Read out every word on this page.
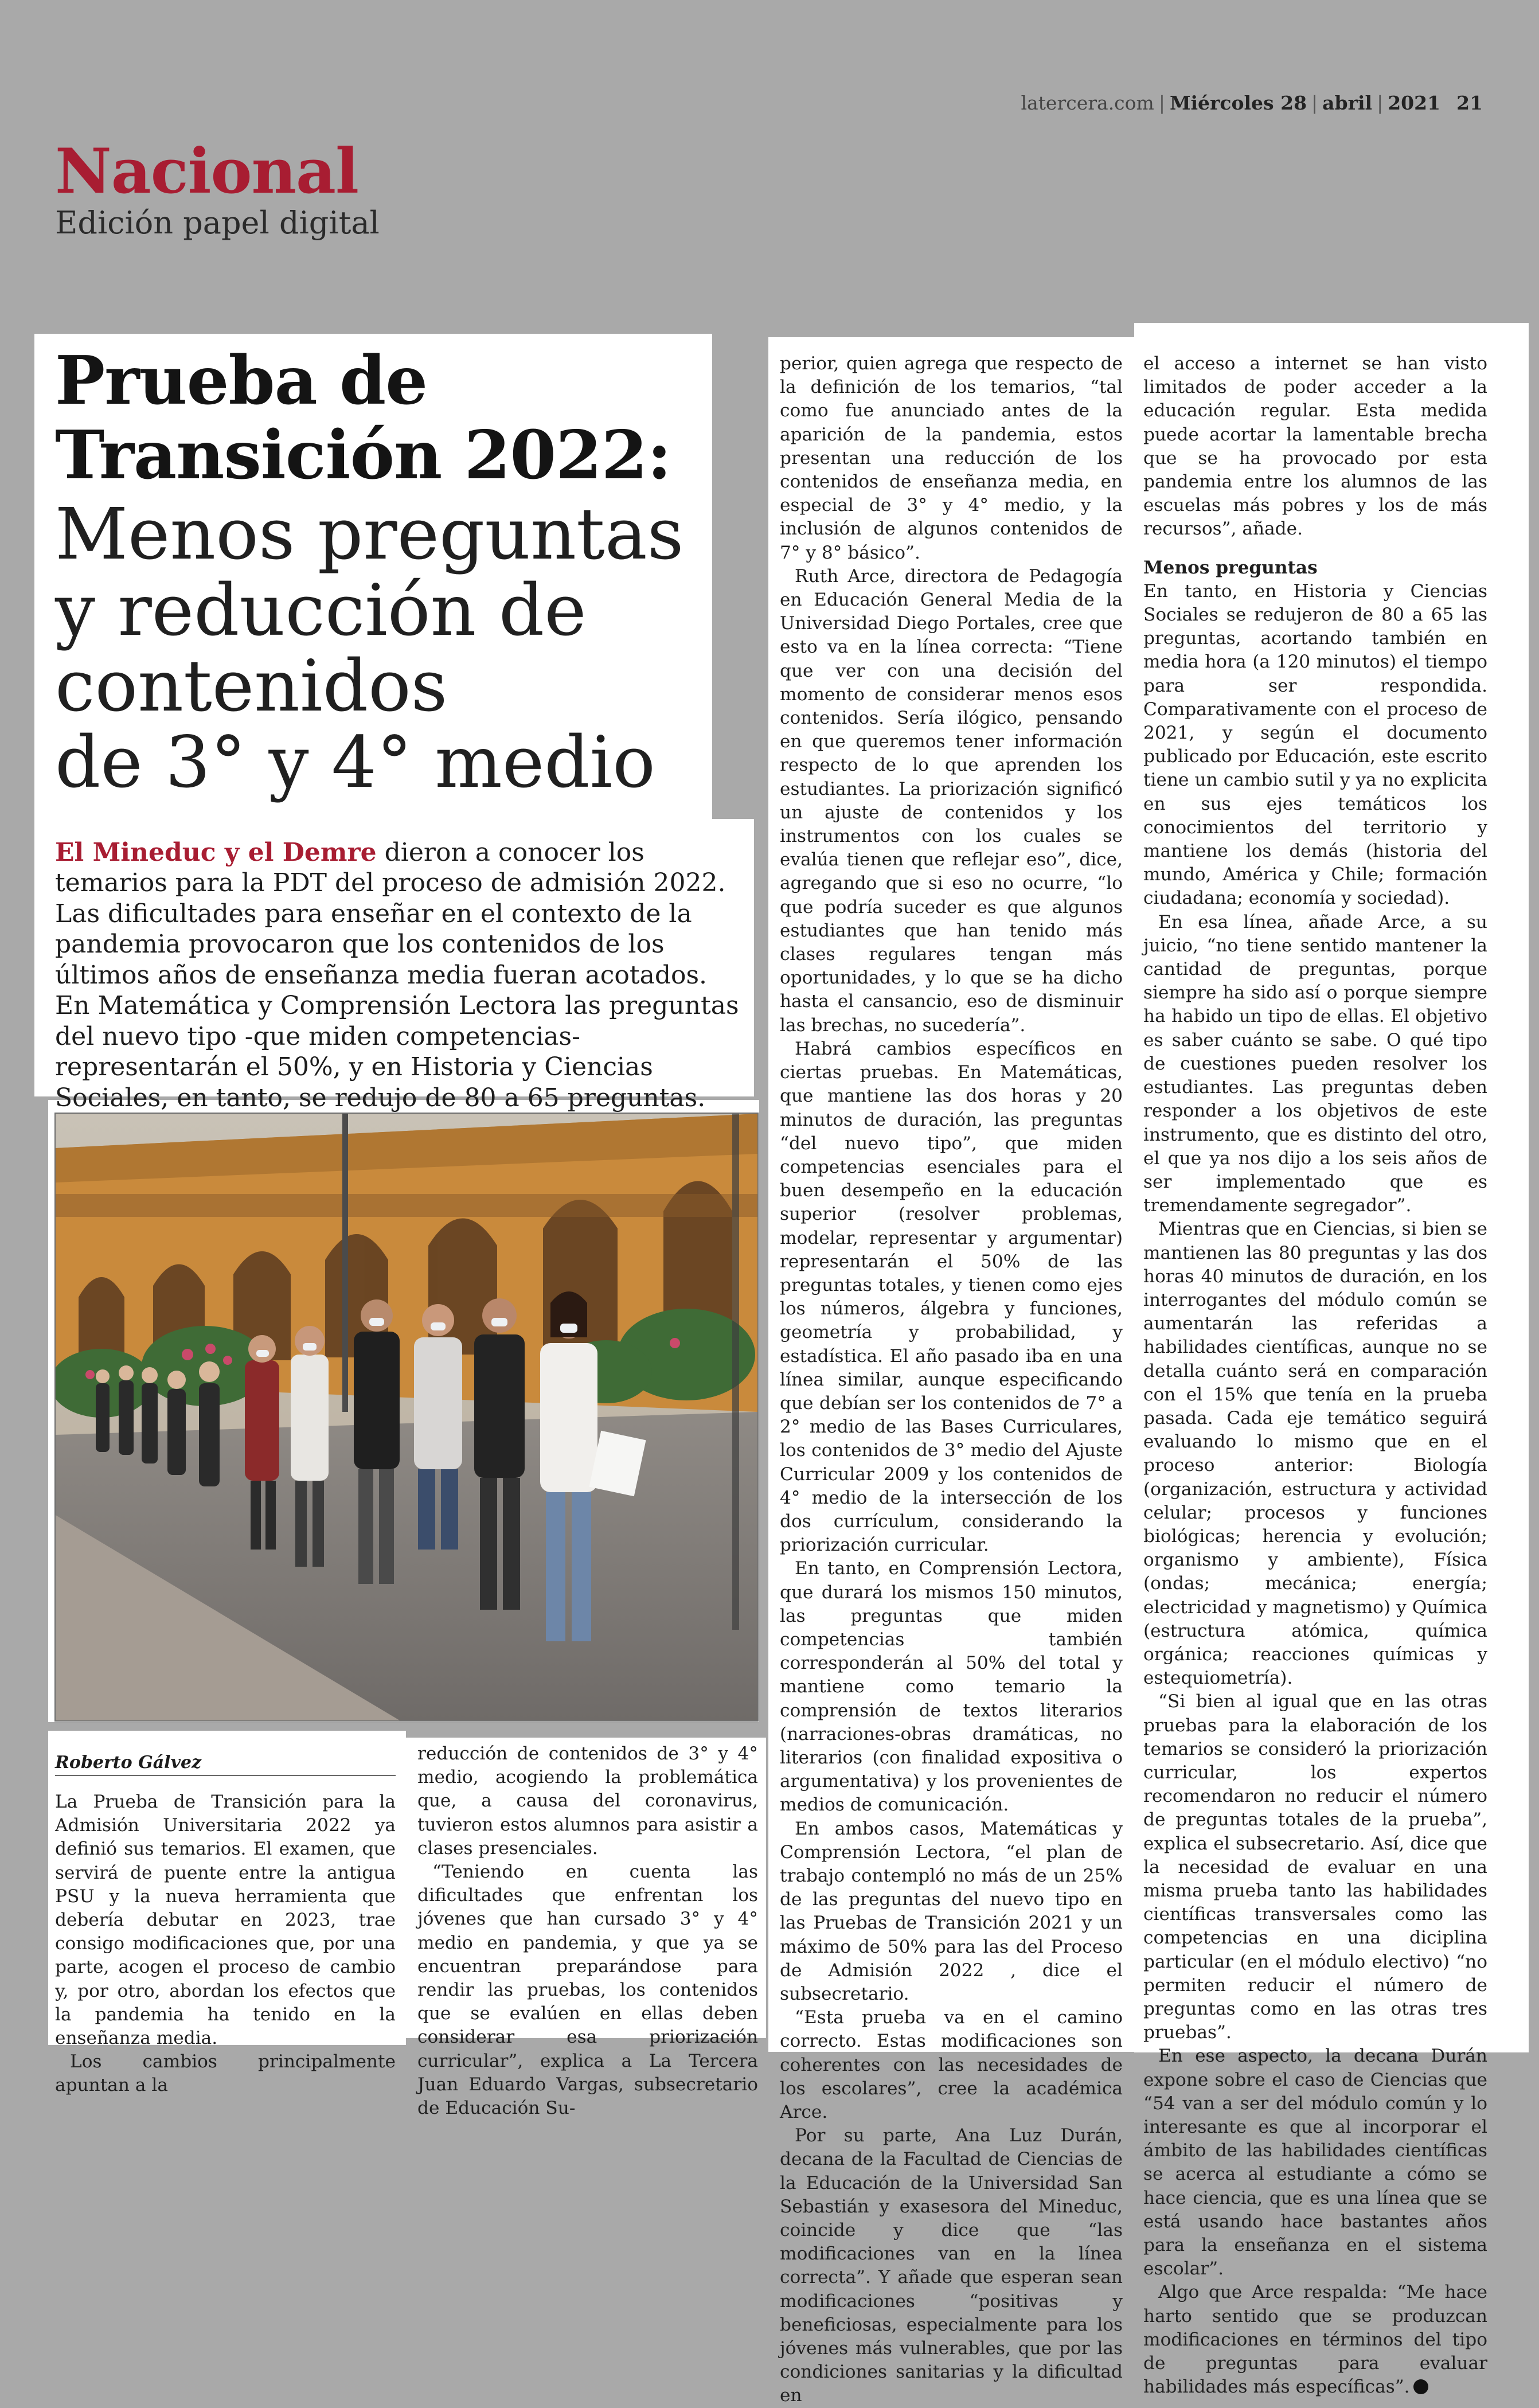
latercera.com | Miércoles 28 | abril | 2021 21
Nacional
Edición papel digital
Prueba de
Transición 2022:
Menos preguntas
y reducción de
contenidos
de 3° y 4° medio

El Mineduc y el Demre dieron a conocer los temarios para la PDT del proceso de admisión 2022. Las dificultades para enseñar en el contexto de la pandemia provocaron que los contenidos de los últimos años de enseñanza media fueran acotados. En Matemática y Comprensión Lectora las preguntas del nuevo tipo -que miden competencias- representarán el 50%, y en Historia y Ciencias Sociales, en tanto, se redujo de 80 a 65 preguntas.

Roberto Gálvez

La Prueba de Transición para la Admisión Universitaria 2022 ya definió sus temarios. El examen, que servirá de puente entre la antigua PSU y la nueva herramienta que debería debutar en 2023, trae consigo modificaciones que, por una parte, acogen el proceso de cambio y, por otro, abordan los efectos que la pandemia ha tenido en la enseñanza media.

Los cambios principalmente apuntan a la

reducción de contenidos de 3° y 4° medio, acogiendo la problemática que, a causa del coronavirus, tuvieron estos alumnos para asistir a clases presenciales.

“Teniendo en cuenta las dificultades que enfrentan los jóvenes que han cursado 3° y 4° medio en pandemia, y que ya se encuentran preparándose para rendir las pruebas, los contenidos que se evalúen en ellas deben considerar esa priorización curricular”, explica a La Tercera Juan Eduardo Vargas, subsecretario de Educación Su-

perior, quien agrega que respecto de la definición de los temarios, “tal como fue anunciado antes de la aparición de la pandemia, estos presentan una reducción de los contenidos de enseñanza media, en especial de 3° y 4° medio, y la inclusión de algunos contenidos de 7° y 8° básico”.

Ruth Arce, directora de Pedagogía en Educación General Media de la Universidad Diego Portales, cree que esto va en la línea correcta: “Tiene que ver con una decisión del momento de considerar menos esos contenidos. Sería ilógico, pensando en que queremos tener información respecto de lo que aprenden los estudiantes. La priorización significó un ajuste de contenidos y los instrumentos con los cuales se evalúa tienen que reflejar eso”, dice, agregando que si eso no ocurre, “lo que podría suceder es que algunos estudiantes que han tenido más clases regulares tengan más oportunidades, y lo que se ha dicho hasta el cansancio, eso de disminuir las brechas, no sucedería”.

Habrá cambios específicos en ciertas pruebas. En Matemáticas, que mantiene las dos horas y 20 minutos de duración, las preguntas “del nuevo tipo”, que miden competencias esenciales para el buen desempeño en la educación superior (resolver problemas, modelar, representar y argumentar) representarán el 50% de las preguntas totales, y tienen como ejes los números, álgebra y funciones, geometría y probabilidad, y estadística. El año pasado iba en una línea similar, aunque especificando que debían ser los contenidos de 7° a 2° medio de las Bases Curriculares, los contenidos de 3° medio del Ajuste Curricular 2009 y los contenidos de 4° medio de la intersección de los dos currículum, considerando la priorización curricular.

En tanto, en Comprensión Lectora, que durará los mismos 150 minutos, las preguntas que miden competencias también corresponderán al 50% del total y mantiene como temario la comprensión de textos literarios (narraciones-obras dramáticas, no literarios (con finalidad expositiva o argumentativa) y los provenientes de medios de comunicación.

En ambos casos, Matemáticas y Comprensión Lectora, “el plan de trabajo contempló no más de un 25% de las preguntas del nuevo tipo en las Pruebas de Transición 2021 y un máximo de 50% para las del Proceso de Admisión 2022 , dice el subsecretario.

“Esta prueba va en el camino correcto. Estas modificaciones son coherentes con las necesidades de los escolares”, cree la académica Arce.

Por su parte, Ana Luz Durán, decana de la Facultad de Ciencias de la Educación de la Universidad San Sebastián y exasesora del Mineduc, coincide y dice que “las modificaciones van en la línea correcta”. Y añade que esperan sean modificaciones “positivas y beneficiosas, especialmente para los jóvenes más vulnerables, que por las condiciones sanitarias y la dificultad en

el acceso a internet se han visto limitados de poder acceder a la educación regular. Esta medida puede acortar la lamentable brecha que se ha provocado por esta pandemia entre los alumnos de las escuelas más pobres y los de más recursos”, añade.

Menos preguntas

En tanto, en Historia y Ciencias Sociales se redujeron de 80 a 65 las preguntas, acortando también en media hora (a 120 minutos) el tiempo para ser respondida. Comparativamente con el proceso de 2021, y según el documento publicado por Educación, este escrito tiene un cambio sutil y ya no explicita en sus ejes temáticos los conocimientos del territorio y mantiene los demás (historia del mundo, América y Chile; formación ciudadana; economía y sociedad).

En esa línea, añade Arce, a su juicio, “no tiene sentido mantener la cantidad de preguntas, porque siempre ha sido así o porque siempre ha habido un tipo de ellas. El objetivo es saber cuánto se sabe. O qué tipo de cuestiones pueden resolver los estudiantes. Las preguntas deben responder a los objetivos de este instrumento, que es distinto del otro, el que ya nos dijo a los seis años de ser implementado que es tremendamente segregador”.

Mientras que en Ciencias, si bien se mantienen las 80 preguntas y las dos horas 40 minutos de duración, en los interrogantes del módulo común se aumentarán las referidas a habilidades científicas, aunque no se detalla cuánto será en comparación con el 15% que tenía en la prueba pasada. Cada eje temático seguirá evaluando lo mismo que en el proceso anterior: Biología (organización, estructura y actividad celular; procesos y funciones biológicas; herencia y evolución; organismo y ambiente), Física (ondas; mecánica; energía; electricidad y magnetismo) y Química (estructura atómica, química orgánica; reacciones químicas y estequiometría).

“Si bien al igual que en las otras pruebas para la elaboración de los temarios se consideró la priorización curricular, los expertos recomendaron no reducir el número de preguntas totales de la prueba”, explica el subsecretario. Así, dice que la necesidad de evaluar en una misma prueba tanto las habilidades científicas transversales como las competencias en una diciplina particular (en el módulo electivo) “no permiten reducir el número de preguntas como en las otras tres pruebas”.

En ese aspecto, la decana Durán expone sobre el caso de Ciencias que “54 van a ser del módulo común y lo interesante es que al incorporar el ámbito de las habilidades científicas se acerca al estudiante a cómo se hace ciencia, que es una línea que se está usando hace bastantes años para la enseñanza en el sistema escolar”.

Algo que Arce respalda: “Me hace harto sentido que se produzcan modificaciones en términos del tipo de preguntas para evaluar habilidades más específicas”.
